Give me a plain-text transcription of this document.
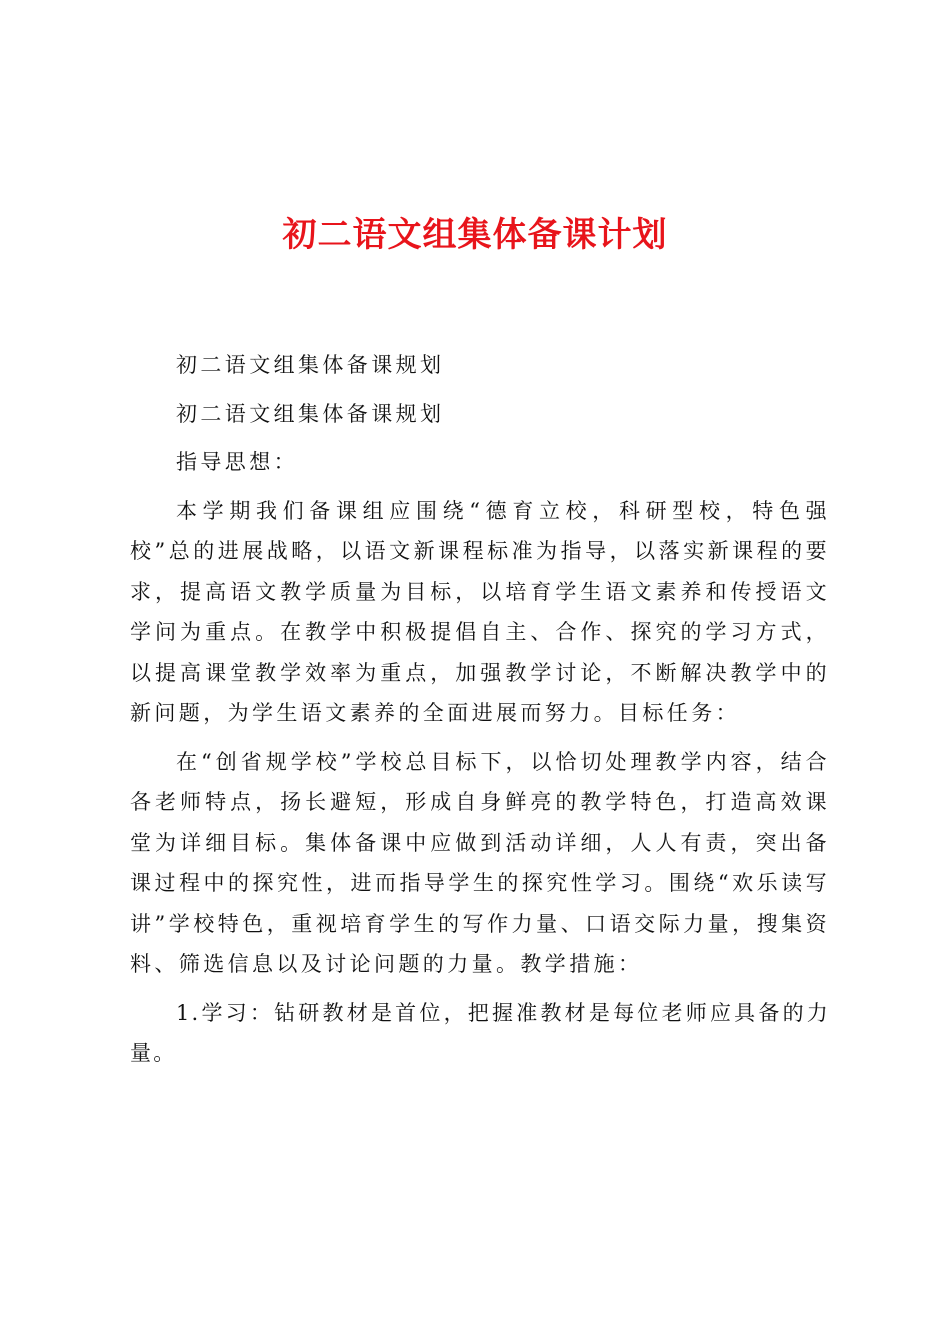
初二语文组集体备课计划

初二语文组集体备课规划

初二语文组集体备课规划

指导思想：

本学期我们备课组应围绕“德育立校，科研型校，特色强校”总的进展战略，以语文新课程标准为指导，以落实新课程的要求，提高语文教学质量为目标，以培育学生语文素养和传授语文学问为重点。在教学中积极提倡自主、合作、探究的学习方式，以提高课堂教学效率为重点，加强教学讨论，不断解决教学中的新问题，为学生语文素养的全面进展而努力。目标任务：

在“创省规学校”学校总目标下，以恰切处理教学内容，结合各老师特点，扬长避短，形成自身鲜亮的教学特色，打造高效课堂为详细目标。集体备课中应做到活动详细，人人有责，突出备课过程中的探究性，进而指导学生的探究性学习。围绕“欢乐读写讲”学校特色，重视培育学生的写作力量、口语交际力量，搜集资料、筛选信息以及讨论问题的力量。教学措施：

1.学习：钻研教材是首位，把握准教材是每位老师应具备的力量。
